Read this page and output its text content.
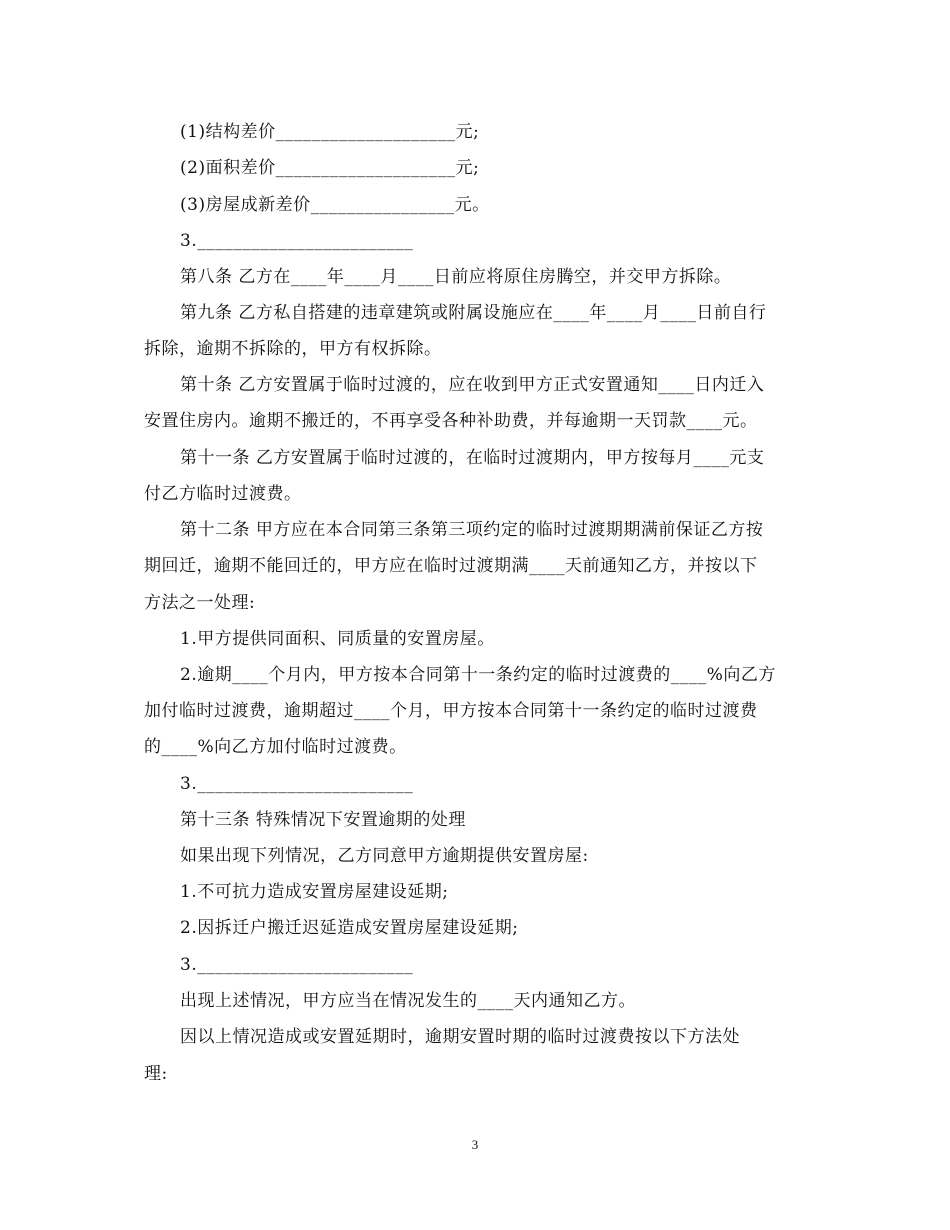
(1)结构差价____________________元;
(2)面积差价____________________元;
(3)房屋成新差价________________元。
3.________________________
第八条 乙方在____年____月____日前应将原住房腾空，并交甲方拆除。
第九条 乙方私自搭建的违章建筑或附属设施应在____年____月____日前自行
拆除，逾期不拆除的，甲方有权拆除。
第十条 乙方安置属于临时过渡的，应在收到甲方正式安置通知____日内迁入
安置住房内。逾期不搬迁的，不再享受各种补助费，并每逾期一天罚款____元。
第十一条 乙方安置属于临时过渡的，在临时过渡期内，甲方按每月____元支
付乙方临时过渡费。
第十二条 甲方应在本合同第三条第三项约定的临时过渡期期满前保证乙方按
期回迁，逾期不能回迁的，甲方应在临时过渡期满____天前通知乙方，并按以下
方法之一处理:
1.甲方提供同面积、同质量的安置房屋。
2.逾期____个月内，甲方按本合同第十一条约定的临时过渡费的____%向乙方
加付临时过渡费，逾期超过____个月，甲方按本合同第十一条约定的临时过渡费
的____%向乙方加付临时过渡费。
3.________________________
第十三条 特殊情况下安置逾期的处理
如果出现下列情况，乙方同意甲方逾期提供安置房屋:
1.不可抗力造成安置房屋建设延期;
2.因拆迁户搬迁迟延造成安置房屋建设延期;
3.________________________
出现上述情况，甲方应当在情况发生的____天内通知乙方。
因以上情况造成或安置延期时，逾期安置时期的临时过渡费按以下方法处
理:
3
